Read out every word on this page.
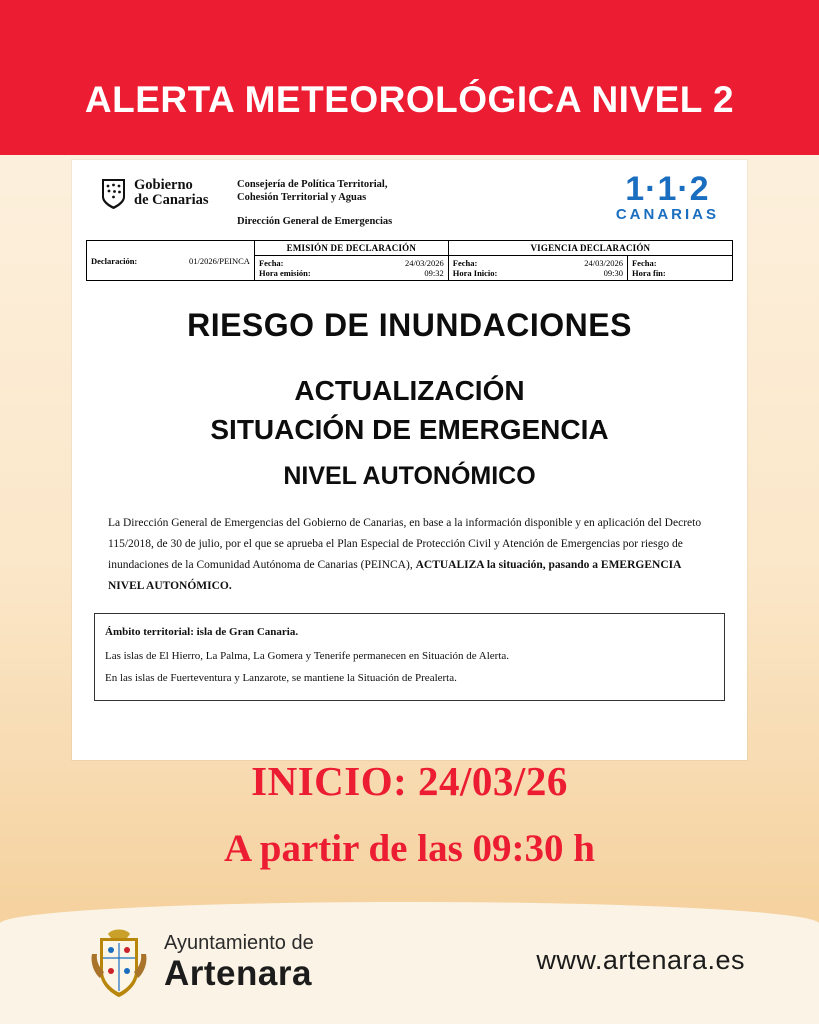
ALERTA METEOROLÓGICA NIVEL 2
Gobierno
de Canarias
Consejería de Política Territorial,
Cohesión Territorial y Aguas
Dirección General de Emergencias
1·1·2
CANARIAS
Declaración: 01/2026/PEINCA	EMISIÓN DE DECLARACIÓN	VIGENCIA DECLARACIÓN	

Fecha:	24/03/2026
Hora emisión:	09:32

Fecha:	24/03/2026
Hora Inicio:	09:30

Fecha:
Hora fin:
RIESGO DE INUNDACIONES
ACTUALIZACIÓN
SITUACIÓN DE EMERGENCIA
NIVEL AUTONÓMICO
La Dirección General de Emergencias del Gobierno de Canarias, en base a la información disponible y en aplicación del Decreto 115/2018, de 30 de julio, por el que se aprueba el Plan Especial de Protección Civil y Atención de Emergencias por riesgo de inundaciones de la Comunidad Autónoma de Canarias (PEINCA), ACTUALIZA la situación, pasando a EMERGENCIA NIVEL AUTONÓMICO.
Ámbito territorial: isla de Gran Canaria.
Las islas de El Hierro, La Palma, La Gomera y Tenerife permanecen en Situación de Alerta.
En las islas de Fuerteventura y Lanzarote, se mantiene la Situación de Prealerta.
INICIO: 24/03/26
A partir de las 09:30 h
Ayuntamiento de
Artenara	www.artenara.es
